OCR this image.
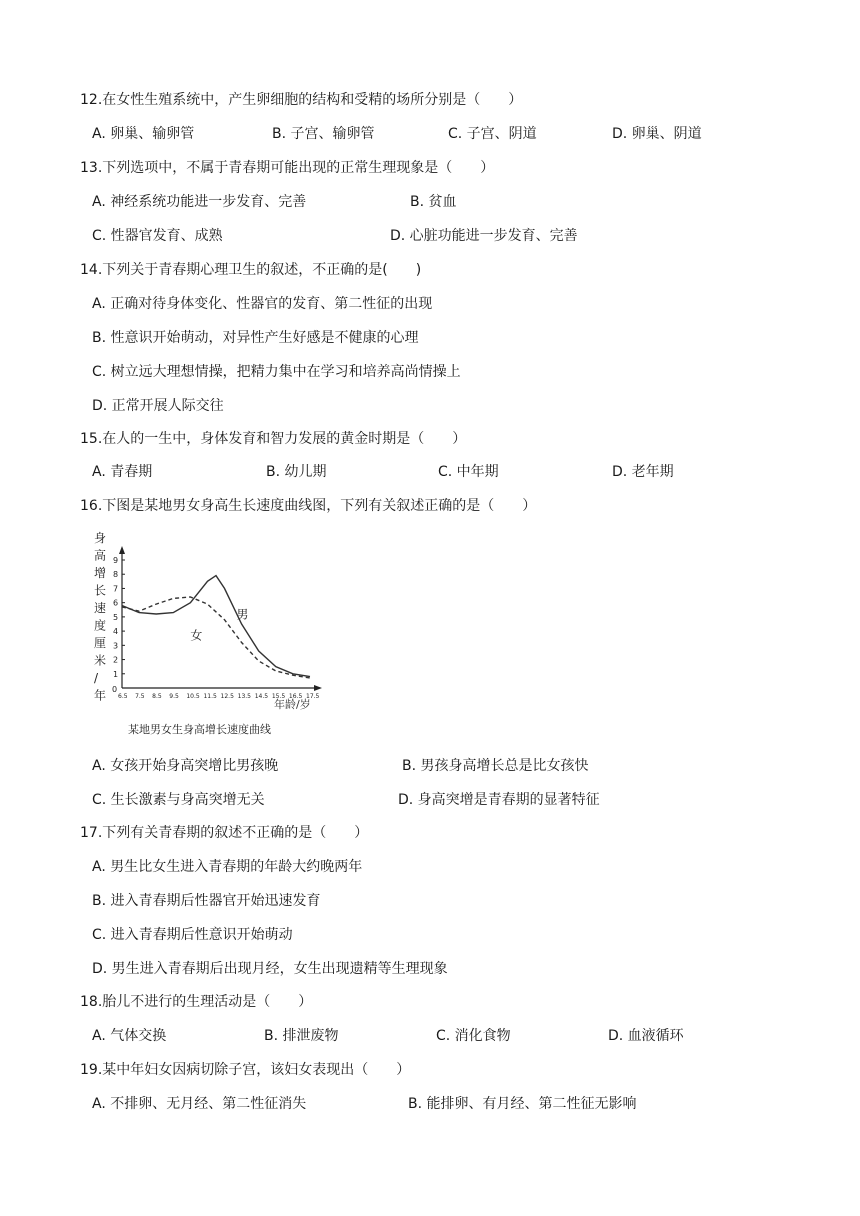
12.在女性生殖系统中，产生卵细胞的结构和受精的场所分别是（　　）
A. 卵巢、输卵管	B. 子宫、输卵管	C. 子宫、阴道	D. 卵巢、阴道
13.下列选项中，不属于青春期可能出现的正常生理现象是（　　）
A. 神经系统功能进一步发育、完善	B. 贫血
C. 性器官发育、成熟	D. 心脏功能进一步发育、完善
14.下列关于青春期心理卫生的叙述，不正确的是(　　)
A. 正确对待身体变化、性器官的发育、第二性征的出现
B. 性意识开始萌动，对异性产生好感是不健康的心理
C. 树立远大理想情操，把精力集中在学习和培养高尚情操上
D. 正常开展人际交往
15.在人的一生中，身体发育和智力发展的黄金时期是（　　）
A. 青春期	B. 幼儿期	C. 中年期	D. 老年期
16.下图是某地男女身高生长速度曲线图，下列有关叙述正确的是（　　）
A. 女孩开始身高突增比男孩晚	B. 男孩身高增长总是比女孩快
C. 生长激素与身高突增无关	D. 身高突增是青春期的显著特征
17.下列有关青春期的叙述不正确的是（　　）
A. 男生比女生进入青春期的年龄大约晚两年
B. 进入青春期后性器官开始迅速发育
C. 进入青春期后性意识开始萌动
D. 男生进入青春期后出现月经，女生出现遗精等生理现象
18.胎儿不进行的生理活动是（　　）
A. 气体交换	B. 排泄废物	C. 消化食物	D. 血液循环
19.某中年妇女因病切除子宫，该妇女表现出（　　）
A. 不排卵、无月经、第二性征消失	B. 能排卵、有月经、第二性征无影响
身
高
增
长
速
度
厘
米
/
年 0
1
2
3
4
5
6
7
8
9
6.5 7.5 8.5 9.5 10.5 11.5 12.5 13.5 14.5 15.5 16.5 17.5
男
女
年龄/岁
某地男女生身高增长速度曲线
